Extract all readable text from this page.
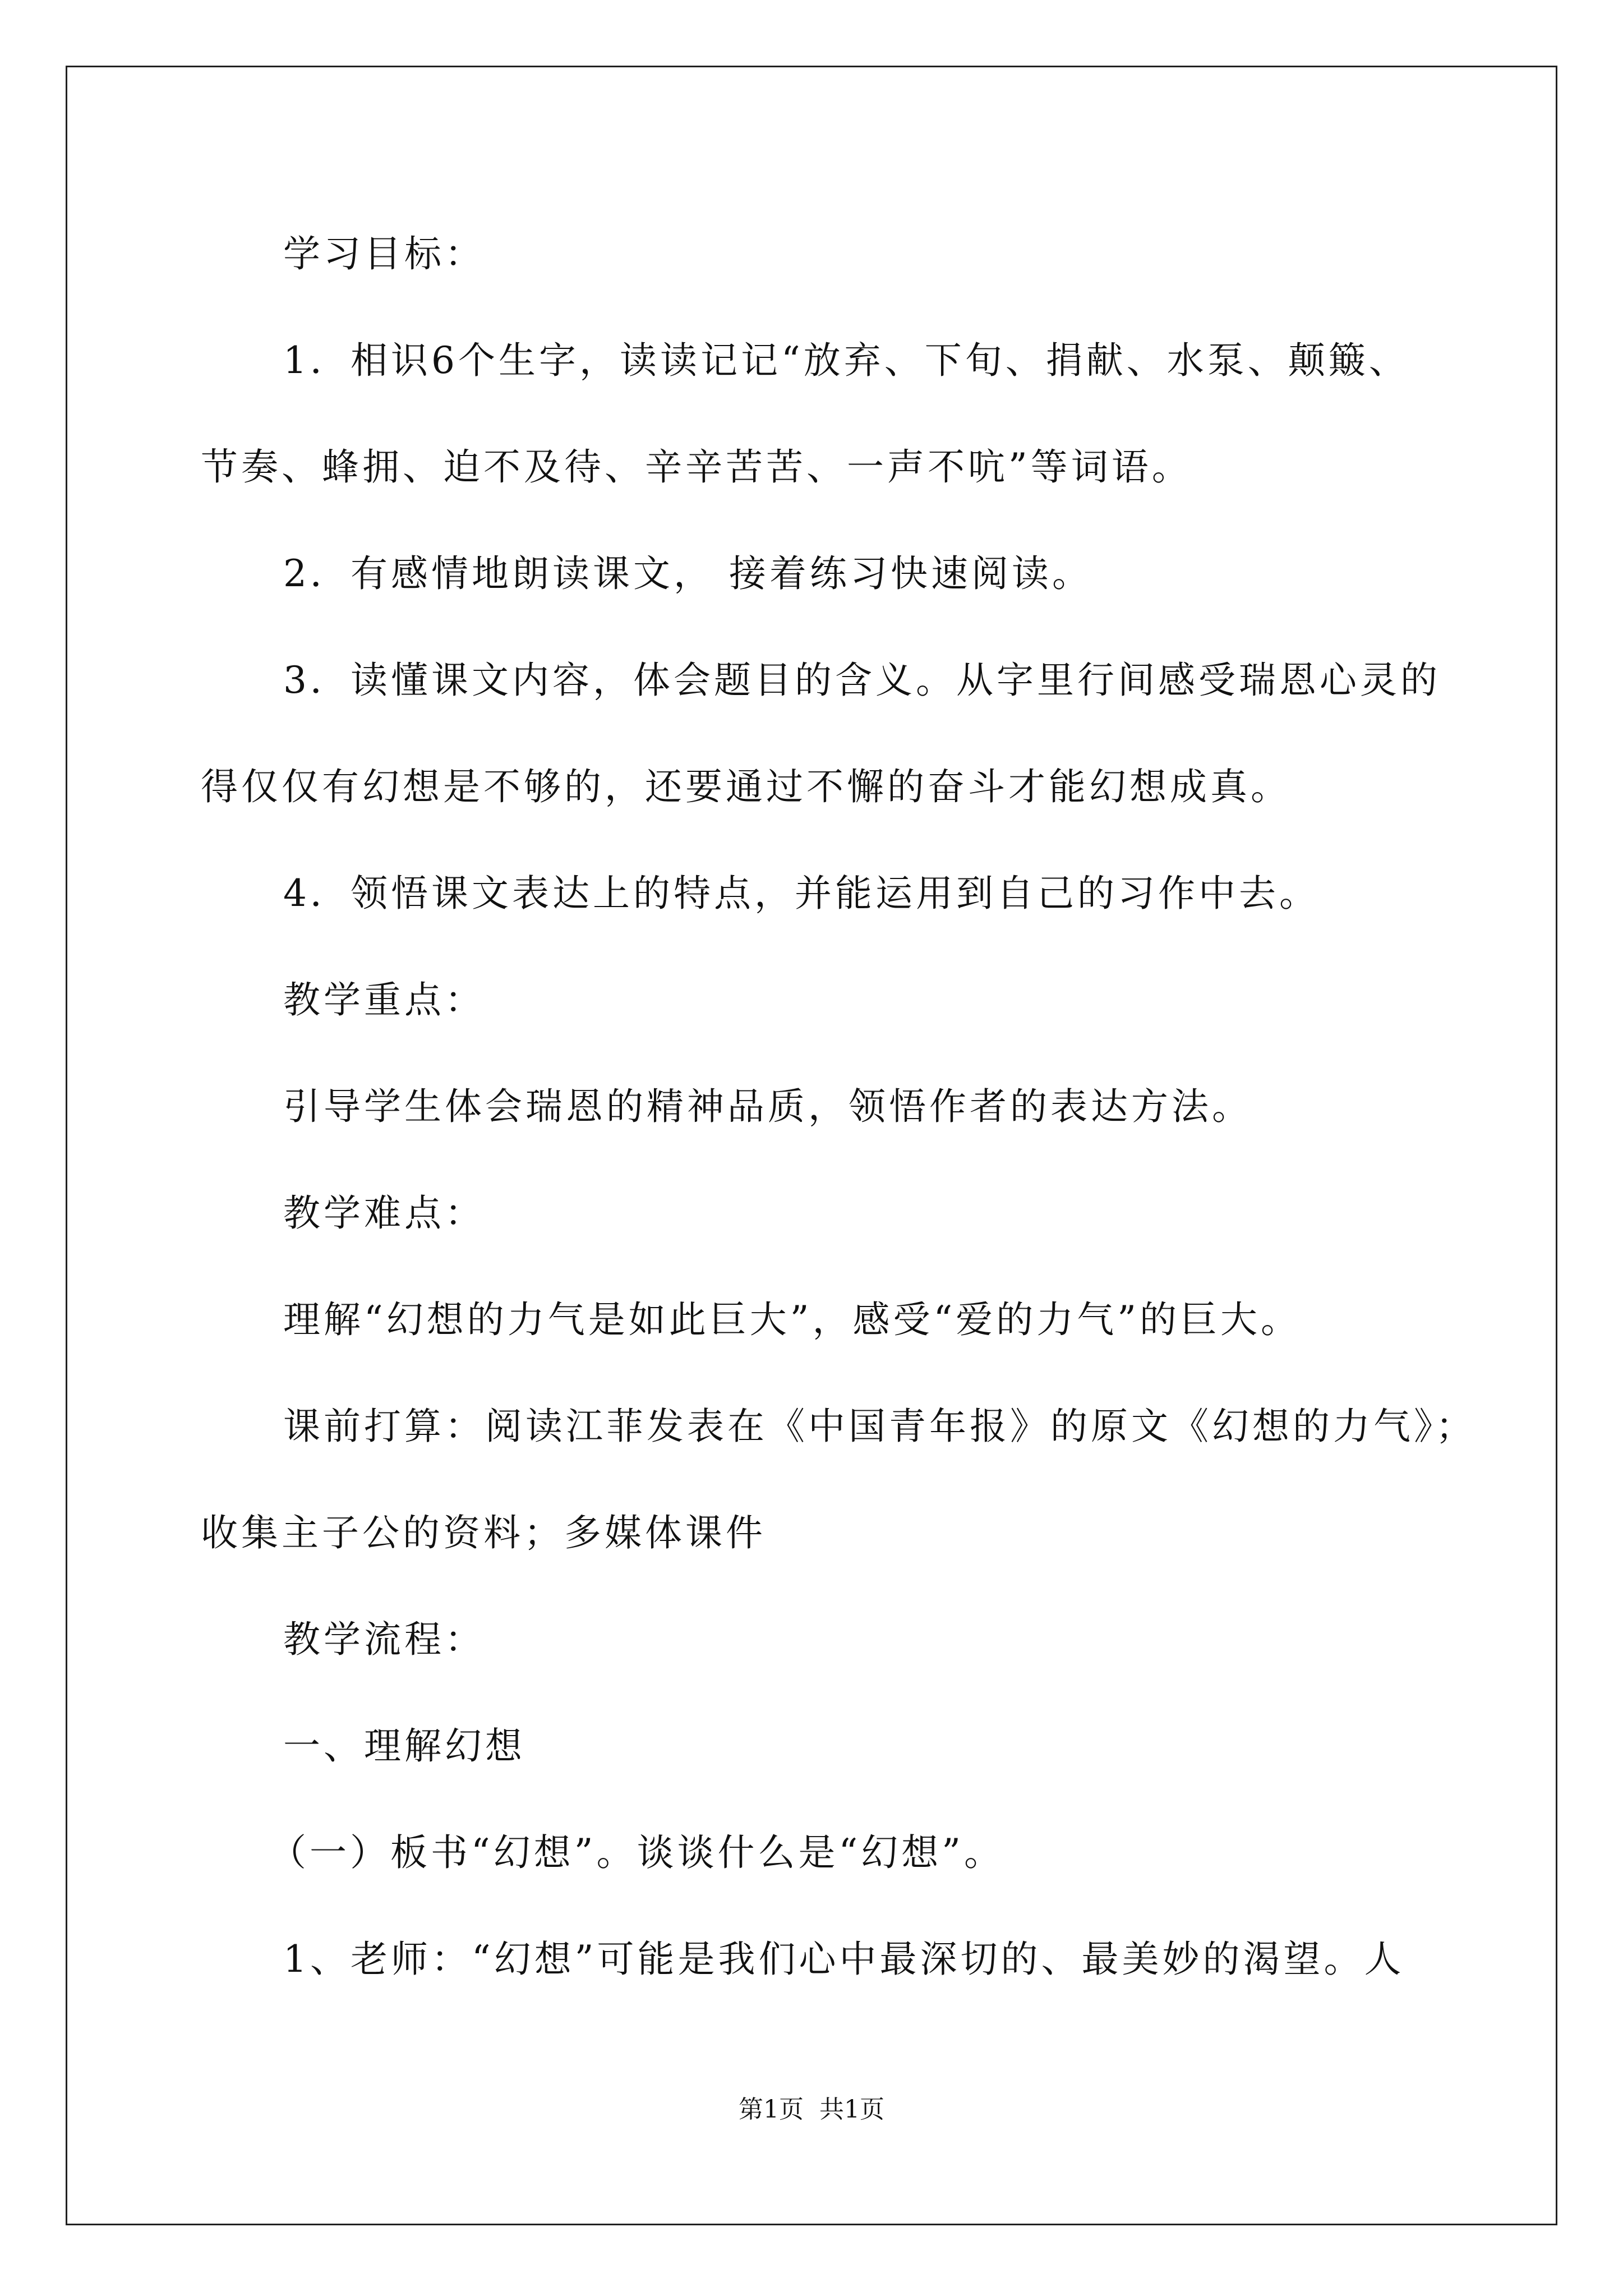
学习目标：
1．相识6个生字，读读记记“放弃、下旬、捐献、水泵、颠簸、
节奏、蜂拥、迫不及待、辛辛苦苦、一声不吭”等词语。
2．有感情地朗读课文， 接着练习快速阅读。
3．读懂课文内容，体会题目的含义。从字里行间感受瑞恩心灵的
得仅仅有幻想是不够的，还要通过不懈的奋斗才能幻想成真。
4．领悟课文表达上的特点，并能运用到自己的习作中去。
教学重点：
引导学生体会瑞恩的精神品质，领悟作者的表达方法。
教学难点：
理解“幻想的力气是如此巨大”，感受“爱的力气”的巨大。
课前打算：阅读江菲发表在《中国青年报》的原文《幻想的力气》；
收集主子公的资料；多媒体课件
教学流程：
一、理解幻想
（一）板书“幻想”。谈谈什么是“幻想”。
1、老师：“幻想”可能是我们心中最深切的、最美妙的渴望。人
第1页 共1页
